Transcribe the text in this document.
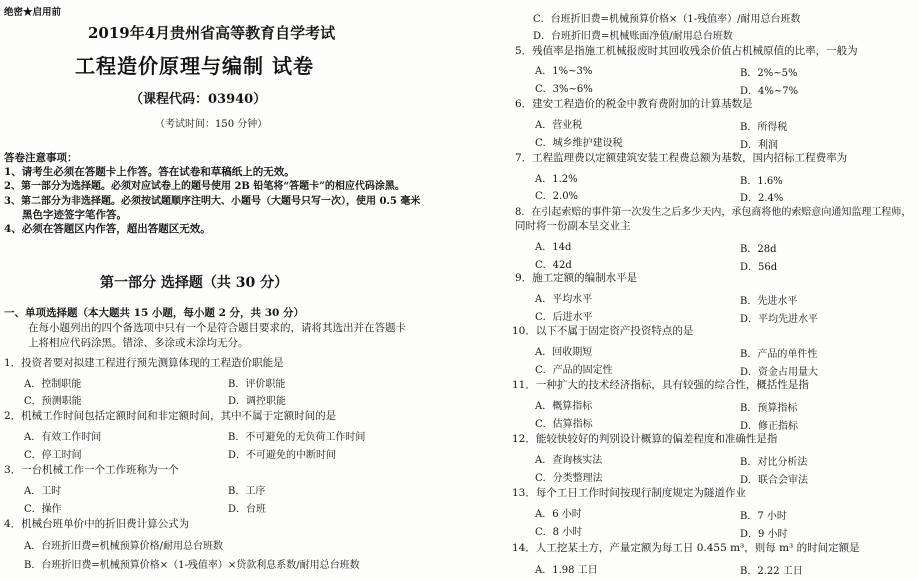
绝密★启用前
2019年4月贵州省高等教育自学考试
工程造价原理与编制 试卷
（课程代码：03940）
（考试时间：150 分钟）
答卷注意事项：
1、请考生必须在答题卡上作答。答在试卷和草稿纸上的无效。
2、第一部分为选择题。必须对应试卷上的题号使用 2B 铅笔将“答题卡”的相应代码涂黑。
3、第二部分为非选择题。必须按试题顺序注明大、小题号（大题号只写一次），使用 0.5 毫米
黑色字迹签字笔作答。
4、必须在答题区内作答，超出答题区无效。
第一部分 选择题（共 30 分）
一、单项选择题（本大题共 15 小题，每小题 2 分，共 30 分）
在每小题列出的四个备选项中只有一个是符合题目要求的，请将其选出并在答题卡
上将相应代码涂黑。错涂、多涂或未涂均无分。
1．投资者要对拟建工程进行预先测算体现的工程造价职能是
A．控制职能	B．评价职能
C．预测职能	D．调控职能
2．机械工作时间包括定额时间和非定额时间，其中不属于定额时间的是
A．有效工作时间	B．不可避免的无负荷工作时间
C．停工时间	D．不可避免的中断时间
3．一台机械工作一个工作班称为一个
A．工时	B．工序
C．操作	D．台班
4．机械台班单价中的折旧费计算公式为
A．台班折旧费=机械预算价格/耐用总台班数
B．台班折旧费=机械预算价格×（1-残值率）×贷款利息系数/耐用总台班数
C．台班折旧费=机械预算价格×（1-残值率）/耐用总台班数
D．台班折旧费=机械账面净值/耐用总台班数
5．残值率是指施工机械报废时其回收残余价值占机械原值的比率，一般为
A．1%~3%	B．2%~5%
C．3%~6%	D．4%~7%
6．建安工程造价的税金中教育费附加的计算基数是
A．营业税	B．所得税
C．城乡维护建设税	D．利润
7．工程监理费以定额建筑安装工程费总额为基数，国内招标工程费率为
A．1.2%	B．1.6%
C．2.0%	D．2.4%
8．在引起索赔的事件第一次发生之后多少天内，承包商将他的索赔意向通知监理工程师，
同时将一份副本呈交业主
A．14d	B．28d
C．42d	D．56d
9．施工定额的编制水平是
A．平均水平	B．先进水平
C．后进水平	D．平均先进水平
10．以下不属于固定资产投资特点的是
A．回收期短	B．产品的单件性
C．产品的固定性	D．资金占用量大
11．一种扩大的技术经济指标，具有较强的综合性，概括性是指
A．概算指标	B．预算指标
C．估算指标	D．修正指标
12．能较快较好的判别设计概算的偏差程度和准确性是指
A．查询核实法	B．对比分析法
C．分类整理法	D．联合会审法
13．每个工日工作时间按现行制度规定为隧道作业
A．6 小时	B．7 小时
C．8 小时	D．9 小时
14．人工挖某土方，产量定额为每工日 0.455 m³，则每 m³ 的时间定额是
A．1.98 工日	B．2.22 工日
